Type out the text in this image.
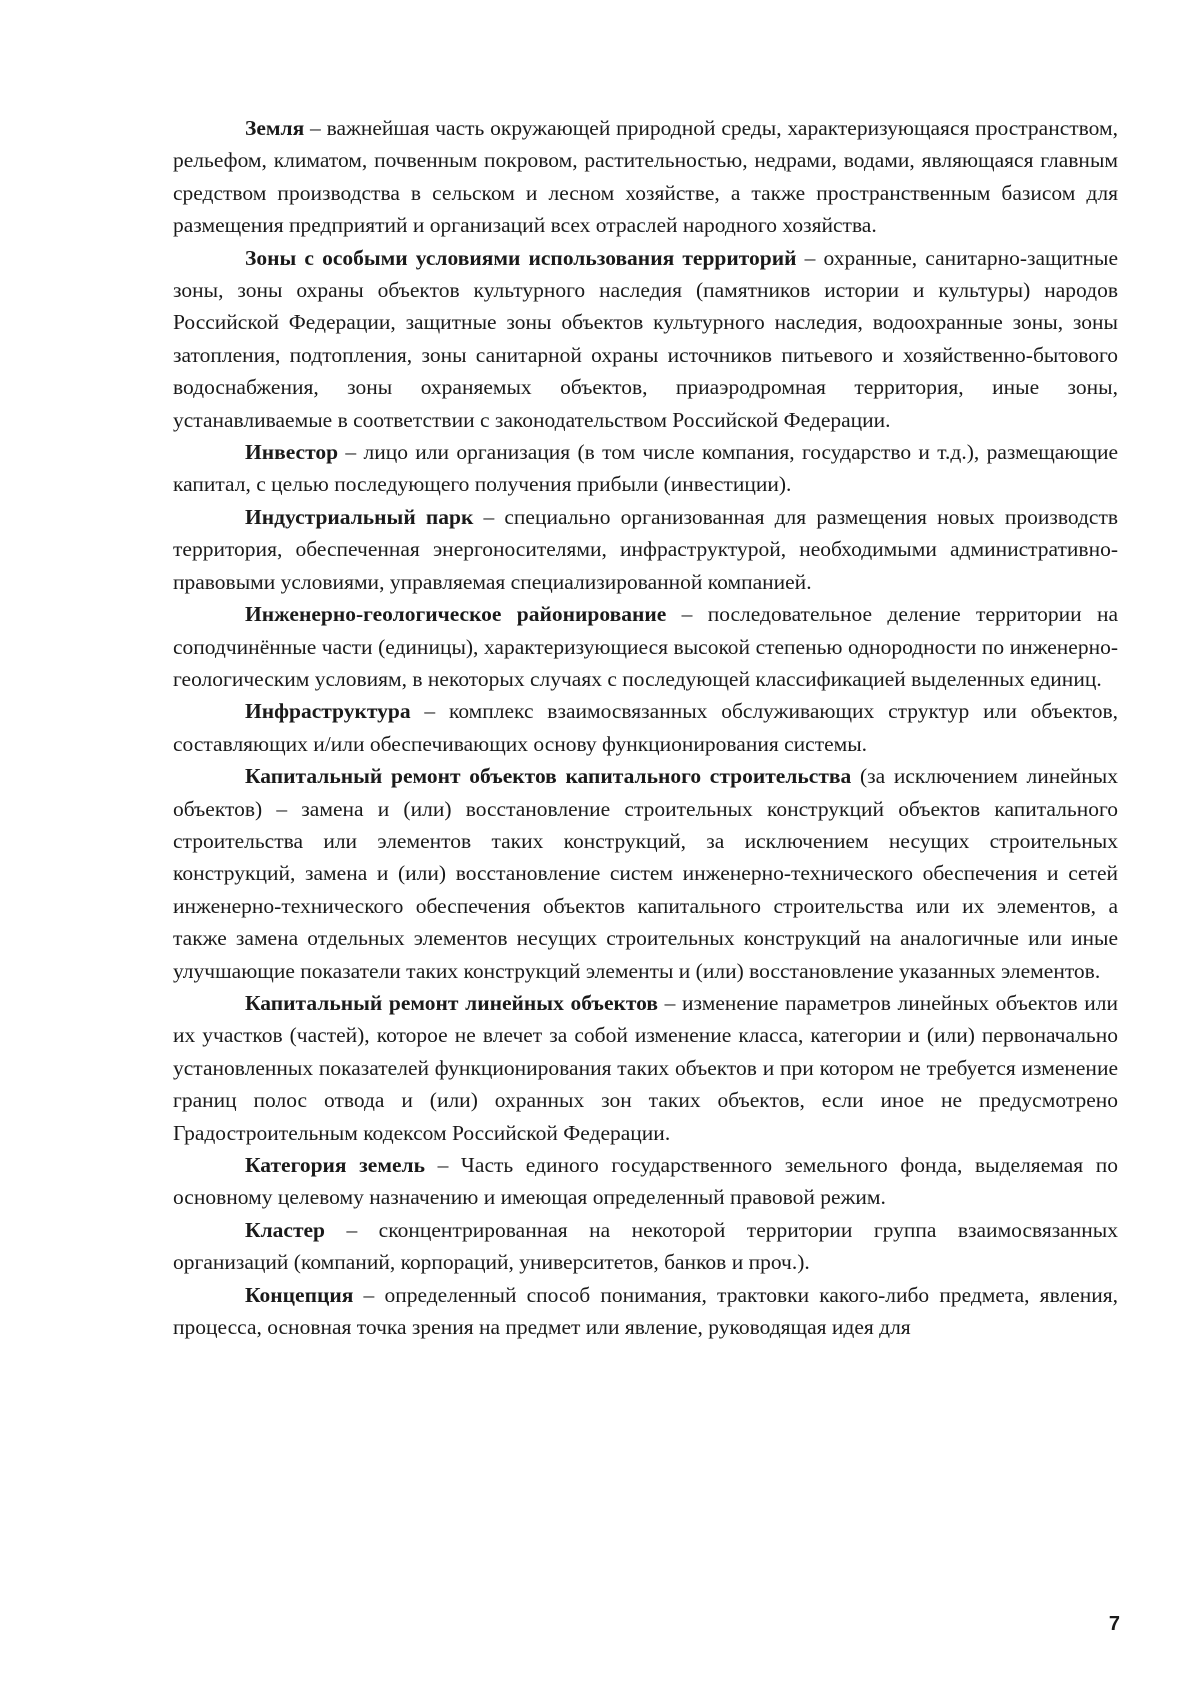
Земля – важнейшая часть окружающей природной среды, характеризующаяся пространством, рельефом, климатом, почвенным покровом, растительностью, недрами, водами, являющаяся главным средством производства в сельском и лесном хозяйстве, а также пространственным базисом для размещения предприятий и организаций всех отраслей народного хозяйства.

Зоны с особыми условиями использования территорий – охранные, санитарно-защитные зоны, зоны охраны объектов культурного наследия (памятников истории и культуры) народов Российской Федерации, защитные зоны объектов культурного наследия, водоохранные зоны, зоны затопления, подтопления, зоны санитарной охраны источников питьевого и хозяйственно-бытового водоснабжения, зоны охраняемых объектов, приаэродромная территория, иные зоны, устанавливаемые в соответствии с законодательством Российской Федерации.

Инвестор – лицо или организация (в том числе компания, государство и т.д.), размещающие капитал, с целью последующего получения прибыли (инвестиции).

Индустриальный парк – специально организованная для размещения новых производств территория, обеспеченная энергоносителями, инфраструктурой, необходимыми административно-правовыми условиями, управляемая специализированной компанией.

Инженерно-геологическое районирование – последовательное деление территории на соподчинённые части (единицы), характеризующиеся высокой степенью однородности по инженерно-геологическим условиям, в некоторых случаях с последующей классификацией выделенных единиц.

Инфраструктура – комплекс взаимосвязанных обслуживающих структур или объектов, составляющих и/или обеспечивающих основу функционирования системы.

Капитальный ремонт объектов капитального строительства (за исключением линейных объектов) – замена и (или) восстановление строительных конструкций объектов капитального строительства или элементов таких конструкций, за исключением несущих строительных конструкций, замена и (или) восстановление систем инженерно-технического обеспечения и сетей инженерно-технического обеспечения объектов капитального строительства или их элементов, а также замена отдельных элементов несущих строительных конструкций на аналогичные или иные улучшающие показатели таких конструкций элементы и (или) восстановление указанных элементов.

Капитальный ремонт линейных объектов – изменение параметров линейных объектов или их участков (частей), которое не влечет за собой изменение класса, категории и (или) первоначально установленных показателей функционирования таких объектов и при котором не требуется изменение границ полос отвода и (или) охранных зон таких объектов, если иное не предусмотрено Градостроительным кодексом Российской Федерации.

Категория земель – Часть единого государственного земельного фонда, выделяемая по основному целевому назначению и имеющая определенный правовой режим.

Кластер – сконцентрированная на некоторой территории группа взаимосвязанных организаций (компаний, корпораций, университетов, банков и проч.).

Концепция – определенный способ понимания, трактовки какого-либо предмета, явления, процесса, основная точка зрения на предмет или явление, руководящая идея для

7
